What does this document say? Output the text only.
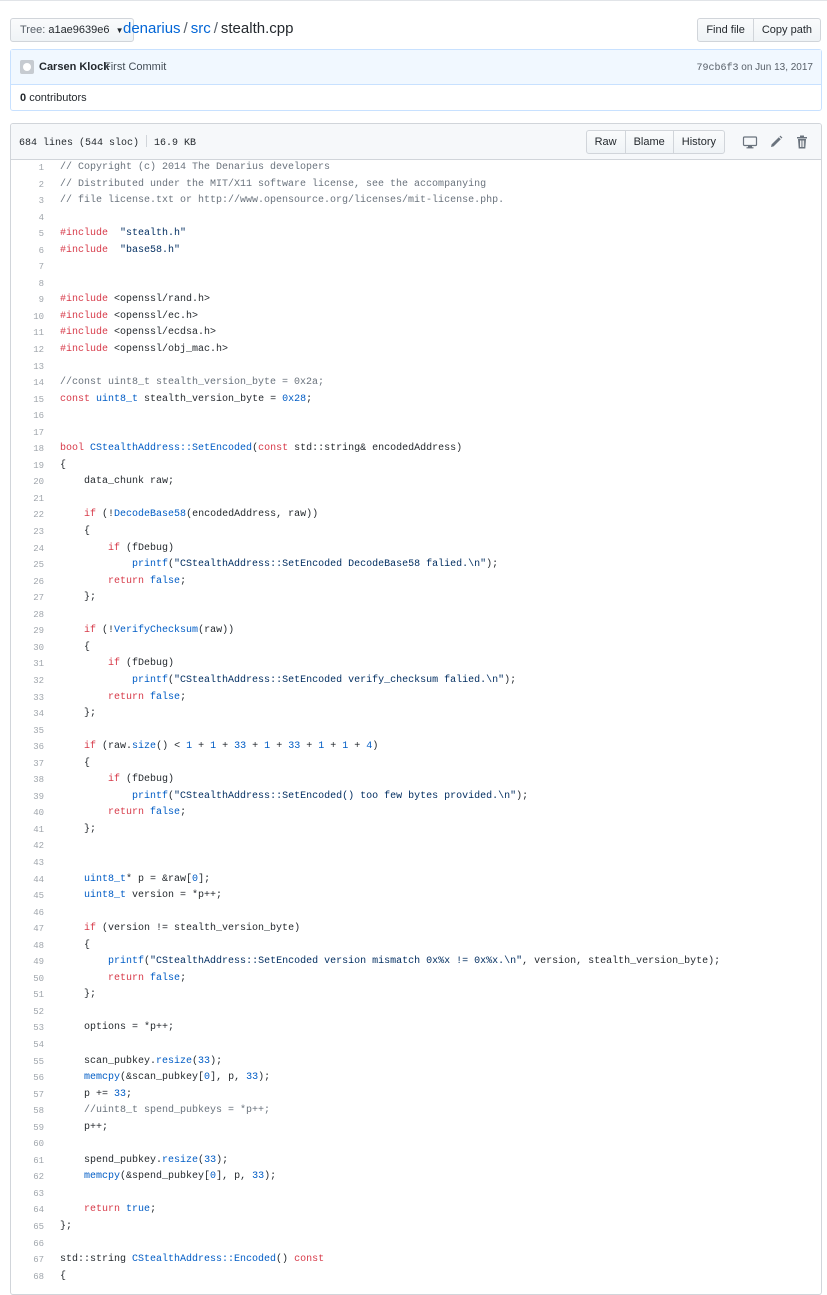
Tree: a1ae9639e6 ▼ denarius / src / stealth.cpp	Find file	Copy path
Carsen Klock
First Commit	79cb6f3 on Jun 13, 2017
0 contributors
684 lines (544 sloc) 16.9 KB	Raw	Blame	History
1 // Copyright (c) 2014 The Denarius developers
2 // Distributed under the MIT/X11 software license, see the accompanying
3 // file license.txt or http://www.opensource.org/licenses/mit-license.php.
4
5 #include "stealth.h"
6 #include "base58.h"
7
8
9 #include <openssl/rand.h>
10 #include <openssl/ec.h>
11 #include <openssl/ecdsa.h>
12 #include <openssl/obj_mac.h>
13
14 //const uint8_t stealth_version_byte = 0x2a;
15 const uint8_t stealth_version_byte = 0x28;
16
17
18 bool CStealthAddress::SetEncoded(const std::string& encodedAddress)
19 {
20 data_chunk raw;
21
22	if (!DecodeBase58(encodedAddress, raw))
23 {
24	if (fDebug)
25	printf("CStealthAddress::SetEncoded DecodeBase58 falied.\n");
26	return false;
27 };
28
29	if (!VerifyChecksum(raw))
30 {
31	if (fDebug)
32	printf("CStealthAddress::SetEncoded verify_checksum falied.\n");
33	return false;
34 };
35
36	if (raw.size() < 1 + 1 + 33 + 1 + 33 + 1 + 1 + 4)
37 {
38	if (fDebug)
39	printf("CStealthAddress::SetEncoded() too few bytes provided.\n");
40	return false;
41 };
42
43
44	uint8_t* p = &raw[0];
45	uint8_t version = *p++;
46
47	if (version != stealth_version_byte)
48 {
49	printf("CStealthAddress::SetEncoded version mismatch 0x%x != 0x%x.\n", version, stealth_version_byte);
50	return false;
51 };
52
53 options = *p++;
54
55 scan_pubkey.resize(33);
56	memcpy(&scan_pubkey[0], p, 33);
57 p += 33;
58	//uint8_t spend_pubkeys = *p++;
59 p++;
60
61 spend_pubkey.resize(33);
62	memcpy(&spend_pubkey[0], p, 33);
63
64	return true;
65 };
66
67 std::string CStealthAddress::Encoded() const
68 {
